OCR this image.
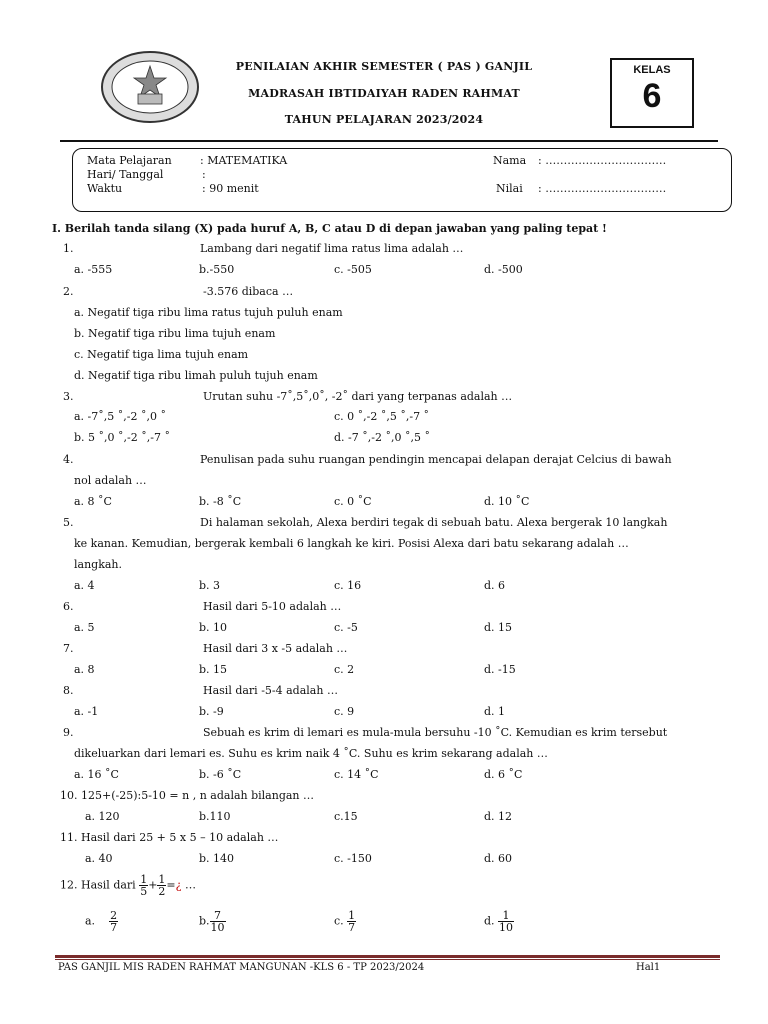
PENILAIAN AKHIR SEMESTER ( PAS ) GANJIL
MADRASAH IBTIDAIYAH RADEN RAHMAT
TAHUN PELAJARAN 2023/2024
KELAS
6
Mata Pelajaran	: MATEMATIKA
Hari/ Tanggal	:
Waktu	: 90 menit
Nama : ……………………………
Nilai : ……………………………
I. Berilah tanda silang (X) pada huruf A, B, C atau D di depan jawaban yang paling tepat !
1.	Lambang dari negatif lima ratus lima adalah …
a. -555	b.-550	c. -505	d. -500
2.	-3.576 dibaca …
a. Negatif tiga ribu lima ratus tujuh puluh enam
b. Negatif tiga ribu lima tujuh enam
c. Negatif tiga lima tujuh enam
d. Negatif tiga ribu limah puluh tujuh enam
3.	Urutan suhu -7˚,5˚,0˚, -2˚ dari yang terpanas adalah …
a. -7˚,5 ˚,-2 ˚,0 ˚	c. 0 ˚,-2 ˚,5 ˚,-7 ˚
b. 5 ˚,0 ˚,-2 ˚,-7 ˚	d. -7 ˚,-2 ˚,0 ˚,5 ˚
4.	Penulisan pada suhu ruangan pendingin mencapai delapan derajat Celcius di bawah
nol adalah …
a. 8 ˚C	b. -8 ˚C	c. 0 ˚C	d. 10 ˚C
5.	Di halaman sekolah, Alexa berdiri tegak di sebuah batu. Alexa bergerak 10 langkah
ke kanan. Kemudian, bergerak kembali 6 langkah ke kiri. Posisi Alexa dari batu sekarang adalah …
langkah.
a. 4	b. 3	c. 16	d. 6
6.	Hasil dari 5-10 adalah …
a. 5	b. 10	c. -5	d. 15
7.	Hasil dari 3 x -5 adalah …
a. 8	b. 15	c. 2	d. -15
8.	Hasil dari -5-4 adalah …
a. -1	b. -9	c. 9	d. 1
9.	Sebuah es krim di lemari es mula-mula bersuhu -10 ˚C. Kemudian es krim tersebut
dikeluarkan dari lemari es. Suhu es krim naik 4 ˚C. Suhu es krim sekarang adalah …
a. 16 ˚C	b. -6 ˚C	c. 14 ˚C	d. 6 ˚C
10. 125+(-25):5-10 = n , n adalah bilangan …
a. 120	b.110	c.15	d. 12
11. Hasil dari 25 + 5 x 5 – 10 adalah …
a. 40	b. 140	c. -150	d. 60
12. Hasil dari $\frac{1}{5} + \frac{1}{2}$ =¿ …
a. $\frac{2}{7}$	b. $\frac{7}{10}$	c. $\frac{1}{7}$	d. $\frac{1}{10}$
PAS GANJIL MIS RADEN RAHMAT MANGUNAN -KLS 6 - TP 2023/2024	Hal1
